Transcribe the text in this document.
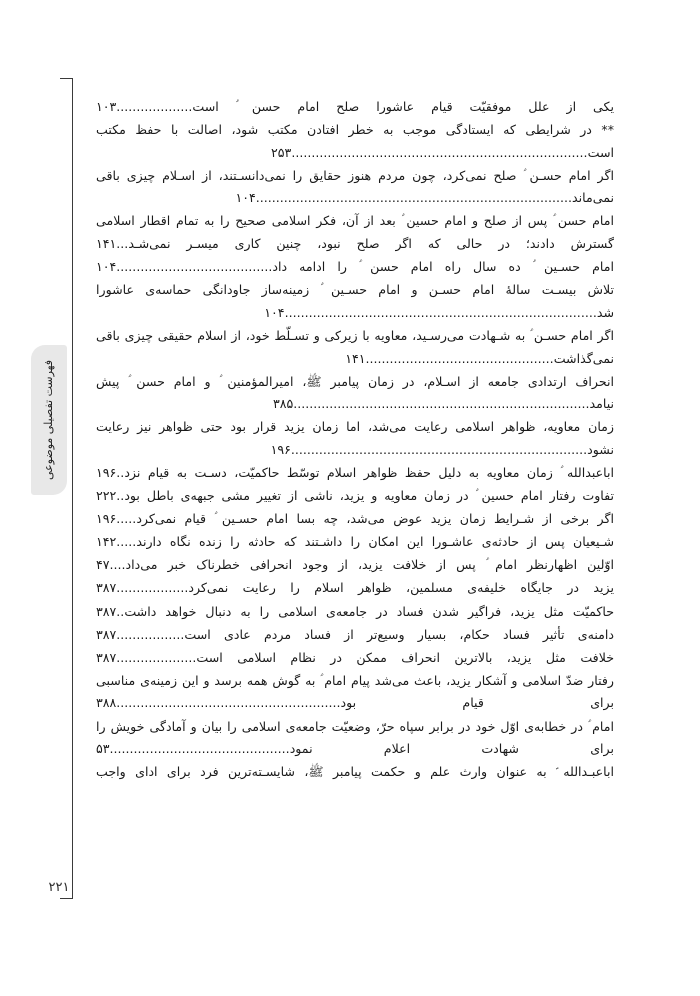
فهرست تفصیلی موضوعی
۲۲۱

یکی از علل موفقیّت قیام عاشورا صلح امام حسن ؑ است...................۱۰۳

** در شرایطی که ایستادگی موجب به خطر افتادن مکتب شود، اصالت با حفظ مکتب است..........................................................................۲۵۳

اگر امام حسـن ؑ صلح نمی‌کرد، چون مردم هنوز حقایق را نمی‌دانسـتند، از اسـلام چیزی باقی نمی‌ماند...............................................................................۱۰۴

امام حسن ؑ پس از صلح و امام حسین ؑ بعد از آن، فکر اسلامی صحیح را به تمام اقطار اسلامی گسترش دادند؛ در حالی که اگر صلح نبود، چنین کاری میسـر نمی‌شـد...۱۴۱

امام حسـین ؑ ده سال راه امام حسن ؑ را ادامه داد.......................................۱۰۴

تلاش بیسـت سالهٔ امام حسـن و امام حسـین ؑ زمینه‌ساز جاودانگی حماسه‌ی عاشورا شد..............................................................................۱۰۴

اگر امام حسـن ؑ به شـهادت می‌رسـید، معاویه با زیرکی و تسـلّط خود، از اسلام حقیقی چیزی باقی نمی‌گذاشت...............................................۱۴۱

انحراف ارتدادی جامعه از اسـلام، در زمان پیامبر ﷺ، امیرالمؤمنین ؑ و امام حسن ؑ پیش نیامد..........................................................................۳۸۵

زمان معاویه، ظواهر اسلامی رعایت می‌شد، اما زمان یزید قرار بود حتی ظواهر نیز رعایت نشود..........................................................................۱۹۶

اباعبدالله ؑ زمان معاویه به دلیل حفظ ظواهر اسلام توسّط حاکمیّت، دسـت به قیام نزد..۱۹۶

تفاوت رفتار امام حسین ؑ در زمان معاویه و یزید، ناشی از تغییر مشی جبهه‌ی باطل بود..۲۲۲

اگر برخی از شـرایط زمان یزید عوض می‌شد، چه بسا امام حسـین ؑ قیام نمی‌کرد.....۱۹۶

شـیعیان پس از حادثه‌ی عاشـورا این امکان را داشـتند که حادثه را زنده نگاه دارند.....۱۴۲

اوّلین اظهارنظر امام ؑ پس از خلافت یزید، از وجود انحرافی خطرناک خبر می‌داد....۴۷

یزید در جایگاه خلیفه‌ی مسلمین، ظواهر اسلام را رعایت نمی‌کرد..................۳۸۷

حاکمیّت مثل یزید، فراگیر شدن فساد در جامعه‌ی اسلامی را به دنبال خواهد داشت..۳۸۷

دامنه‌ی تأثیر فساد حکام، بسیار وسیع‌تر از فساد مردم عادی است.................۳۸۷

خلافت مثل یزید، بالاترین انحراف ممکن در نظام اسلامی است....................۳۸۷

رفتار ضدّ اسلامی و آشکار یزید، باعث می‌شد پیام امام ؑ به گوش همه برسد و این زمینه‌ی مناسبی برای قیام بود........................................................۳۸۸

امام ؑ در خطابه‌ی اوّل خود در برابر سپاه حرّ، وضعیّت جامعه‌ی اسلامی را بیان و آمادگی خویش را برای شهادت اعلام نمود.............................................۵۳

اباعبـدالله ؑ به عنوان وارث علم و حکمت پیامبر ﷺ، شایسـته‌ترین فرد برای ادای واجب
